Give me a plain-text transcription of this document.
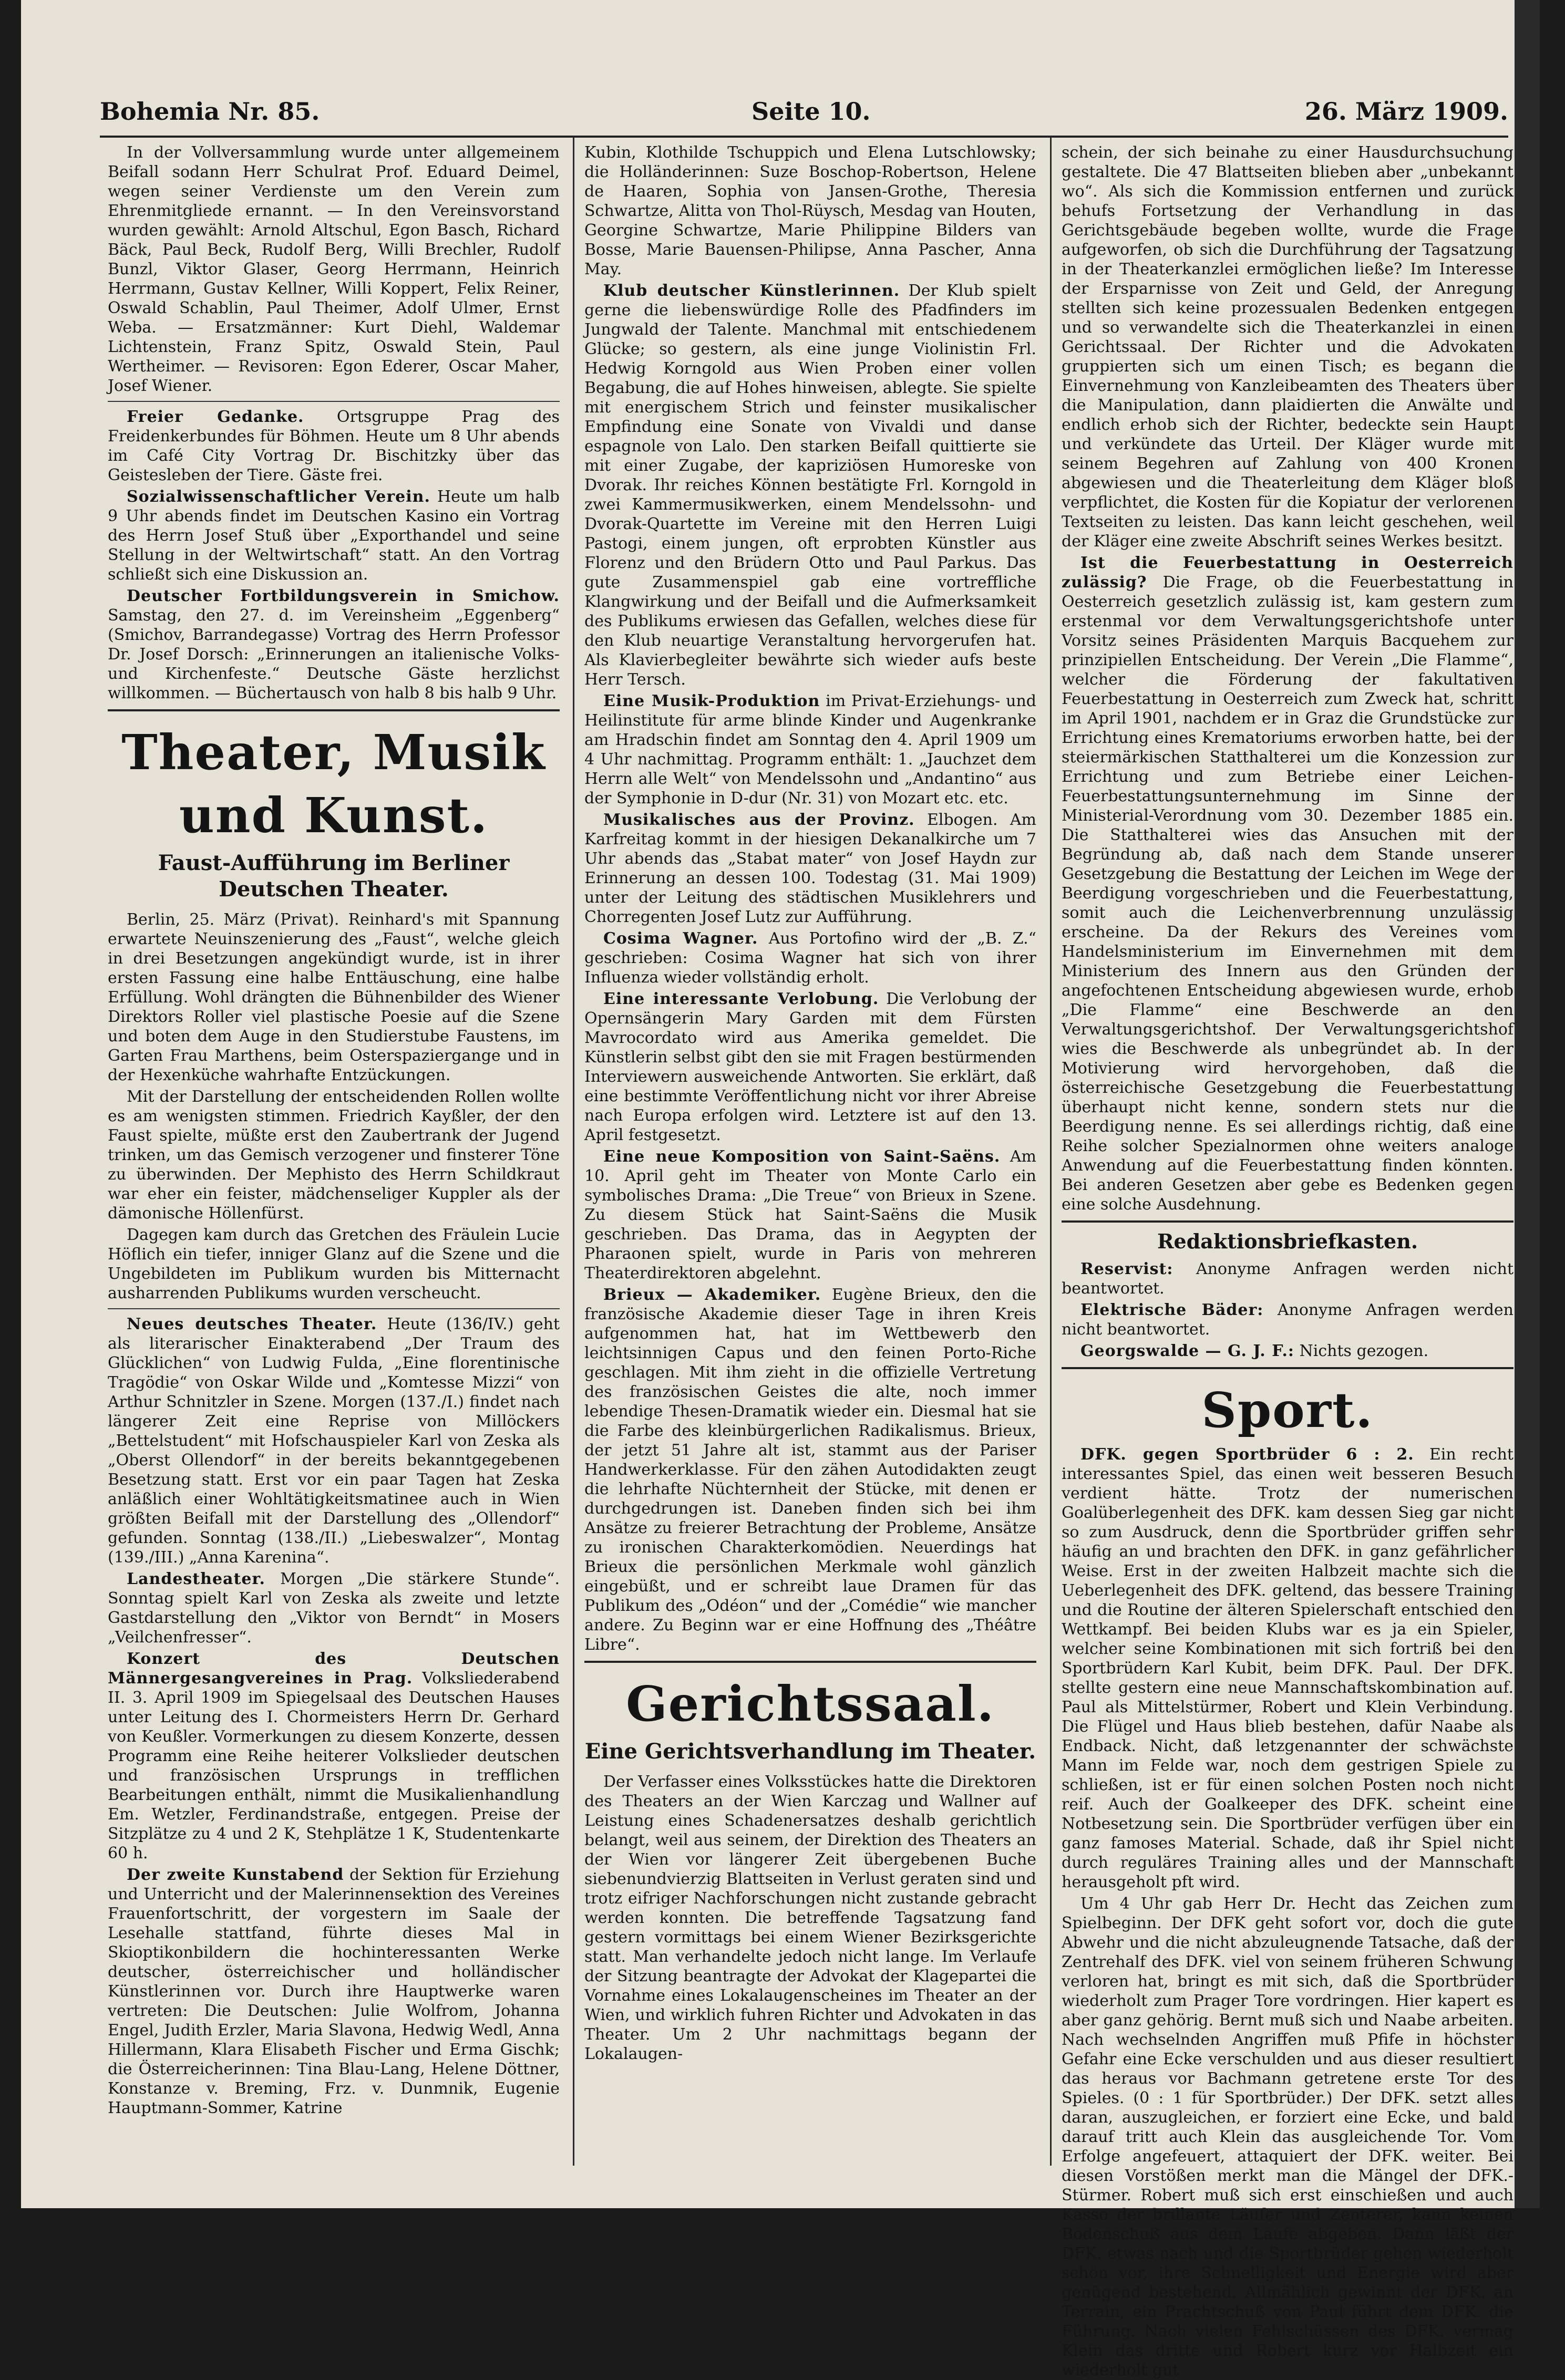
Bohemia Nr. 85.	Seite 10.	26. März 1909.

In der Vollversammlung wurde unter allgemeinem Beifall sodann Herr Schulrat Prof. Eduard Deimel, wegen seiner Verdienste um den Verein zum Ehrenmitgliede ernannt. — In den Vereinsvorstand wurden gewählt: Arnold Altschul, Egon Basch, Richard Bäck, Paul Beck, Rudolf Berg, Willi Brechler, Rudolf Bunzl, Viktor Glaser, Georg Herrmann, Heinrich Herrmann, Gustav Kellner, Willi Koppert, Felix Reiner, Oswald Schablin, Paul Theimer, Adolf Ulmer, Ernst Weba. — Ersatzmänner: Kurt Diehl, Waldemar Lichtenstein, Franz Spitz, Oswald Stein, Paul Wertheimer. — Revisoren: Egon Ederer, Oscar Maher, Josef Wiener.

Freier Gedanke. Ortsgruppe Prag des Freidenkerbundes für Böhmen. Heute um 8 Uhr abends im Café City Vortrag Dr. Bischitzky über das Geistesleben der Tiere. Gäste frei.

Sozialwissenschaftlicher Verein. Heute um halb 9 Uhr abends findet im Deutschen Kasino ein Vortrag des Herrn Josef Stuß über „Exporthandel und seine Stellung in der Weltwirtschaft“ statt. An den Vortrag schließt sich eine Diskussion an.

Deutscher Fortbildungsverein in Smichow. Samstag, den 27. d. im Vereinsheim „Eggenberg“ (Smichov, Barrandegasse) Vortrag des Herrn Professor Dr. Josef Dorsch: „Erinnerungen an italienische Volks- und Kirchenfeste.“ Deutsche Gäste herzlichst willkommen. — Büchertausch von halb 8 bis halb 9 Uhr.

Theater, Musik und Kunst.
Faust-Aufführung im Berliner Deutschen Theater.

Berlin, 25. März (Privat). Reinhard's mit Spannung erwartete Neuinszenierung des „Faust“, welche gleich in drei Besetzungen angekündigt wurde, ist in ihrer ersten Fassung eine halbe Enttäuschung, eine halbe Erfüllung. Wohl drängten die Bühnenbilder des Wiener Direktors Roller viel plastische Poesie auf die Szene und boten dem Auge in den Studierstube Faustens, im Garten Frau Marthens, beim Osterspaziergange und in der Hexenküche wahrhafte Entzückungen.

Mit der Darstellung der entscheidenden Rollen wollte es am wenigsten stimmen. Friedrich Kayßler, der den Faust spielte, müßte erst den Zaubertrank der Jugend trinken, um das Gemisch verzogener und finsterer Töne zu überwinden. Der Mephisto des Herrn Schildkraut war eher ein feister, mädchenseliger Kuppler als der dämonische Höllenfürst.

Dagegen kam durch das Gretchen des Fräulein Lucie Höflich ein tiefer, inniger Glanz auf die Szene und die Ungebildeten im Publikum wurden bis Mitternacht ausharrenden Publikums wurden verscheucht.

Neues deutsches Theater. Heute (136/IV.) geht als literarischer Einakterabend „Der Traum des Glücklichen“ von Ludwig Fulda, „Eine florentinische Tragödie“ von Oskar Wilde und „Komtesse Mizzi“ von Arthur Schnitzler in Szene. Morgen (137./I.) findet nach längerer Zeit eine Reprise von Millöckers „Bettelstudent“ mit Hofschauspieler Karl von Zeska als „Oberst Ollendorf“ in der bereits bekanntgegebenen Besetzung statt. Erst vor ein paar Tagen hat Zeska anläßlich einer Wohltätigkeitsmatinee auch in Wien größten Beifall mit der Darstellung des „Ollendorf“ gefunden. Sonntag (138./II.) „Liebeswalzer“, Montag (139./III.) „Anna Karenina“.

Landestheater. Morgen „Die stärkere Stunde“. Sonntag spielt Karl von Zeska als zweite und letzte Gastdarstellung den „Viktor von Berndt“ in Mosers „Veilchenfresser“.

Konzert des Deutschen Männergesangvereines in Prag. Volksliederabend II. 3. April 1909 im Spiegelsaal des Deutschen Hauses unter Leitung des I. Chormeisters Herrn Dr. Gerhard von Keußler. Vormerkungen zu diesem Konzerte, dessen Programm eine Reihe heiterer Volkslieder deutschen und französischen Ursprungs in trefflichen Bearbeitungen enthält, nimmt die Musikalienhandlung Em. Wetzler, Ferdinandstraße, entgegen. Preise der Sitzplätze zu 4 und 2 K, Stehplätze 1 K, Studentenkarte 60 h.

Der zweite Kunstabend der Sektion für Erziehung und Unterricht und der Malerinnensektion des Vereines Frauenfortschritt, der vorgestern im Saale der Lesehalle stattfand, führte dieses Mal in Skioptikonbildern die hochinteressanten Werke deutscher, österreichischer und holländischer Künstlerinnen vor. Durch ihre Hauptwerke waren vertreten: Die Deutschen: Julie Wolfrom, Johanna Engel, Judith Erzler, Maria Slavona, Hedwig Wedl, Anna Hillermann, Klara Elisabeth Fischer und Erma Gischk; die Österreicherinnen: Tina Blau-Lang, Helene Döttner, Konstanze v. Breming, Frz. v. Dunmnik, Eugenie Hauptmann-Sommer, Katrine

Kubin, Klothilde Tschuppich und Elena Lutschlowsky; die Holländerinnen: Suze Boschop-Robertson, Helene de Haaren, Sophia von Jansen-Grothe, Theresia Schwartze, Alitta von Thol-Rüysch, Mesdag van Houten, Georgine Schwartze, Marie Philippine Bilders van Bosse, Marie Bauensen-Philipse, Anna Pascher, Anna May.

Klub deutscher Künstlerinnen. Der Klub spielt gerne die liebenswürdige Rolle des Pfadfinders im Jungwald der Talente. Manchmal mit entschiedenem Glücke; so gestern, als eine junge Violinistin Frl. Hedwig Korngold aus Wien Proben einer vollen Begabung, die auf Hohes hinweisen, ablegte. Sie spielte mit energischem Strich und feinster musikalischer Empfindung eine Sonate von Vivaldi und danse espagnole von Lalo. Den starken Beifall quittierte sie mit einer Zugabe, der kapriziösen Humoreske von Dvorak. Ihr reiches Können bestätigte Frl. Korngold in zwei Kammermusikwerken, einem Mendelssohn- und Dvorak-Quartette im Vereine mit den Herren Luigi Pastogi, einem jungen, oft erprobten Künstler aus Florenz und den Brüdern Otto und Paul Parkus. Das gute Zusammenspiel gab eine vortreffliche Klangwirkung und der Beifall und die Aufmerksamkeit des Publikums erwiesen das Gefallen, welches diese für den Klub neuartige Veranstaltung hervorgerufen hat. Als Klavierbegleiter bewährte sich wieder aufs beste Herr Tersch.

Eine Musik-Produktion im Privat-Erziehungs- und Heilinstitute für arme blinde Kinder und Augenkranke am Hradschin findet am Sonntag den 4. April 1909 um 4 Uhr nachmittag. Programm enthält: 1. „Jauchzet dem Herrn alle Welt“ von Mendelssohn und „Andantino“ aus der Symphonie in D-dur (Nr. 31) von Mozart etc. etc.

Musikalisches aus der Provinz. Elbogen. Am Karfreitag kommt in der hiesigen Dekanalkirche um 7 Uhr abends das „Stabat mater“ von Josef Haydn zur Erinnerung an dessen 100. Todestag (31. Mai 1909) unter der Leitung des städtischen Musiklehrers und Chorregenten Josef Lutz zur Aufführung.

Cosima Wagner. Aus Portofino wird der „B. Z.“ geschrieben: Cosima Wagner hat sich von ihrer Influenza wieder vollständig erholt.

Eine interessante Verlobung. Die Verlobung der Opernsängerin Mary Garden mit dem Fürsten Mavrocordato wird aus Amerika gemeldet. Die Künstlerin selbst gibt den sie mit Fragen bestürmenden Interviewern ausweichende Antworten. Sie erklärt, daß eine bestimmte Veröffentlichung nicht vor ihrer Abreise nach Europa erfolgen wird. Letztere ist auf den 13. April festgesetzt.

Eine neue Komposition von Saint-Saëns. Am 10. April geht im Theater von Monte Carlo ein symbolisches Drama: „Die Treue“ von Brieux in Szene. Zu diesem Stück hat Saint-Saëns die Musik geschrieben. Das Drama, das in Aegypten der Pharaonen spielt, wurde in Paris von mehreren Theaterdirektoren abgelehnt.

Brieux — Akademiker. Eugène Brieux, den die französische Akademie dieser Tage in ihren Kreis aufgenommen hat, hat im Wettbewerb den leichtsinnigen Capus und den feinen Porto-Riche geschlagen. Mit ihm zieht in die offizielle Vertretung des französischen Geistes die alte, noch immer lebendige Thesen-Dramatik wieder ein. Diesmal hat sie die Farbe des kleinbürgerlichen Radikalismus. Brieux, der jetzt 51 Jahre alt ist, stammt aus der Pariser Handwerkerklasse. Für den zähen Autodidakten zeugt die lehrhafte Nüchternheit der Stücke, mit denen er durchgedrungen ist. Daneben finden sich bei ihm Ansätze zu freierer Betrachtung der Probleme, Ansätze zu ironischen Charakterkomödien. Neuerdings hat Brieux die persönlichen Merkmale wohl gänzlich eingebüßt, und er schreibt laue Dramen für das Publikum des „Odéon“ und der „Comédie“ wie mancher andere. Zu Beginn war er eine Hoffnung des „Théâtre Libre“.

Gerichtssaal.
Eine Gerichtsverhandlung im Theater.

Der Verfasser eines Volksstückes hatte die Direktoren des Theaters an der Wien Karczag und Wallner auf Leistung eines Schadenersatzes deshalb gerichtlich belangt, weil aus seinem, der Direktion des Theaters an der Wien vor längerer Zeit übergebenen Buche siebenundvierzig Blattseiten in Verlust geraten sind und trotz eifriger Nachforschungen nicht zustande gebracht werden konnten. Die betreffende Tagsatzung fand gestern vormittags bei einem Wiener Bezirksgerichte statt. Man verhandelte jedoch nicht lange. Im Verlaufe der Sitzung beantragte der Advokat der Klagepartei die Vornahme eines Lokalaugenscheines im Theater an der Wien, und wirklich fuhren Richter und Advokaten in das Theater. Um 2 Uhr nachmittags begann der Lokalaugen-

schein, der sich beinahe zu einer Hausdurchsuchung gestaltete. Die 47 Blattseiten blieben aber „unbekannt wo“. Als sich die Kommission entfernen und zurück behufs Fortsetzung der Verhandlung in das Gerichtsgebäude begeben wollte, wurde die Frage aufgeworfen, ob sich die Durchführung der Tagsatzung in der Theaterkanzlei ermöglichen ließe? Im Interesse der Ersparnisse von Zeit und Geld, der Anregung stellten sich keine prozessualen Bedenken entgegen und so verwandelte sich die Theaterkanzlei in einen Gerichtssaal. Der Richter und die Advokaten gruppierten sich um einen Tisch; es begann die Einvernehmung von Kanzleibeamten des Theaters über die Manipulation, dann plaidierten die Anwälte und endlich erhob sich der Richter, bedeckte sein Haupt und verkündete das Urteil. Der Kläger wurde mit seinem Begehren auf Zahlung von 400 Kronen abgewiesen und die Theaterleitung dem Kläger bloß verpflichtet, die Kosten für die Kopiatur der verlorenen Textseiten zu leisten. Das kann leicht geschehen, weil der Kläger eine zweite Abschrift seines Werkes besitzt.

Ist die Feuerbestattung in Oesterreich zulässig? Die Frage, ob die Feuerbestattung in Oesterreich gesetzlich zulässig ist, kam gestern zum erstenmal vor dem Verwaltungsgerichtshofe unter Vorsitz seines Präsidenten Marquis Bacquehem zur prinzipiellen Entscheidung. Der Verein „Die Flamme“, welcher die Förderung der fakultativen Feuerbestattung in Oesterreich zum Zweck hat, schritt im April 1901, nachdem er in Graz die Grundstücke zur Errichtung eines Krematoriums erworben hatte, bei der steiermärkischen Statthalterei um die Konzession zur Errichtung und zum Betriebe einer Leichen-Feuerbestattungsunternehmung im Sinne der Ministerial-Verordnung vom 30. Dezember 1885 ein. Die Statthalterei wies das Ansuchen mit der Begründung ab, daß nach dem Stande unserer Gesetzgebung die Bestattung der Leichen im Wege der Beerdigung vorgeschrieben und die Feuerbestattung, somit auch die Leichenverbrennung unzulässig erscheine. Da der Rekurs des Vereines vom Handelsministerium im Einvernehmen mit dem Ministerium des Innern aus den Gründen der angefochtenen Entscheidung abgewiesen wurde, erhob „Die Flamme“ eine Beschwerde an den Verwaltungsgerichtshof. Der Verwaltungsgerichtshof wies die Beschwerde als unbegründet ab. In der Motivierung wird hervorgehoben, daß die österreichische Gesetzgebung die Feuerbestattung überhaupt nicht kenne, sondern stets nur die Beerdigung nenne. Es sei allerdings richtig, daß eine Reihe solcher Spezialnormen ohne weiters analoge Anwendung auf die Feuerbestattung finden könnten. Bei anderen Gesetzen aber gebe es Bedenken gegen eine solche Ausdehnung.

Redaktionsbriefkasten.

Reservist: Anonyme Anfragen werden nicht beantwortet.

Elektrische Bäder: Anonyme Anfragen werden nicht beantwortet.

Georgswalde — G. J. F.: Nichts gezogen.

Sport.

DFK. gegen Sportbrüder 6 : 2. Ein recht interessantes Spiel, das einen weit besseren Besuch verdient hätte. Trotz der numerischen Goalüberlegenheit des DFK. kam dessen Sieg gar nicht so zum Ausdruck, denn die Sportbrüder griffen sehr häufig an und brachten den DFK. in ganz gefährlicher Weise. Erst in der zweiten Halbzeit machte sich die Ueberlegenheit des DFK. geltend, das bessere Training und die Routine der älteren Spielerschaft entschied den Wettkampf. Bei beiden Klubs war es ja ein Spieler, welcher seine Kombinationen mit sich fortriß bei den Sportbrüdern Karl Kubit, beim DFK. Paul. Der DFK. stellte gestern eine neue Mannschaftskombination auf. Paul als Mittelstürmer, Robert und Klein Verbindung. Die Flügel und Haus blieb bestehen, dafür Naabe als Endback. Nicht, daß letzgenannter der schwächste Mann im Felde war, noch dem gestrigen Spiele zu schließen, ist er für einen solchen Posten noch nicht reif. Auch der Goalkeeper des DFK. scheint eine Notbesetzung sein. Die Sportbrüder verfügen über ein ganz famoses Material. Schade, daß ihr Spiel nicht durch reguläres Training alles und der Mannschaft herausgeholt pft wird.

Um 4 Uhr gab Herr Dr. Hecht das Zeichen zum Spielbeginn. Der DFK geht sofort vor, doch die gute Abwehr und die nicht abzuleugnende Tatsache, daß der Zentrehalf des DFK. viel von seinem früheren Schwung verloren hat, bringt es mit sich, daß die Sportbrüder wiederholt zum Prager Tore vordringen. Hier kapert es aber ganz gehörig. Bernt muß sich und Naabe arbeiten. Nach wechselnden Angriffen muß Pfife in höchster Gefahr eine Ecke verschulden und aus dieser resultiert das heraus vor Bachmann getretene erste Tor des Spieles. (0 : 1 für Sportbrüder.) Der DFK. setzt alles daran, auszugleichen, er forziert eine Ecke, und bald darauf tritt auch Klein das ausgleichende Tor. Vom Erfolge angefeuert, attaquiert der DFK. weiter. Bei diesen Vorstößen merkt man die Mängel der DFK.-Stürmer. Robert muß sich erst einschießen und auch Kasso der brillante Läufer und Zenterer, kann keinen Bodenschuß aus dem Laufe abgeben. Dann läßt der DFK. etwas nach und die Sportbrüder gehen wiederholt schön vor, ihre Schnelligkeit und Energie wird aber genügend bestehend. Allmählich gewinnt der DFK. an Terrain, ein Prachtschuß von Paul führt dem DFK. die Führung. Nach vielen Fehlschüssen des DFK. vermag Klein das dritte und Robert kurz vor Halbzeit ein wiederholt gut
